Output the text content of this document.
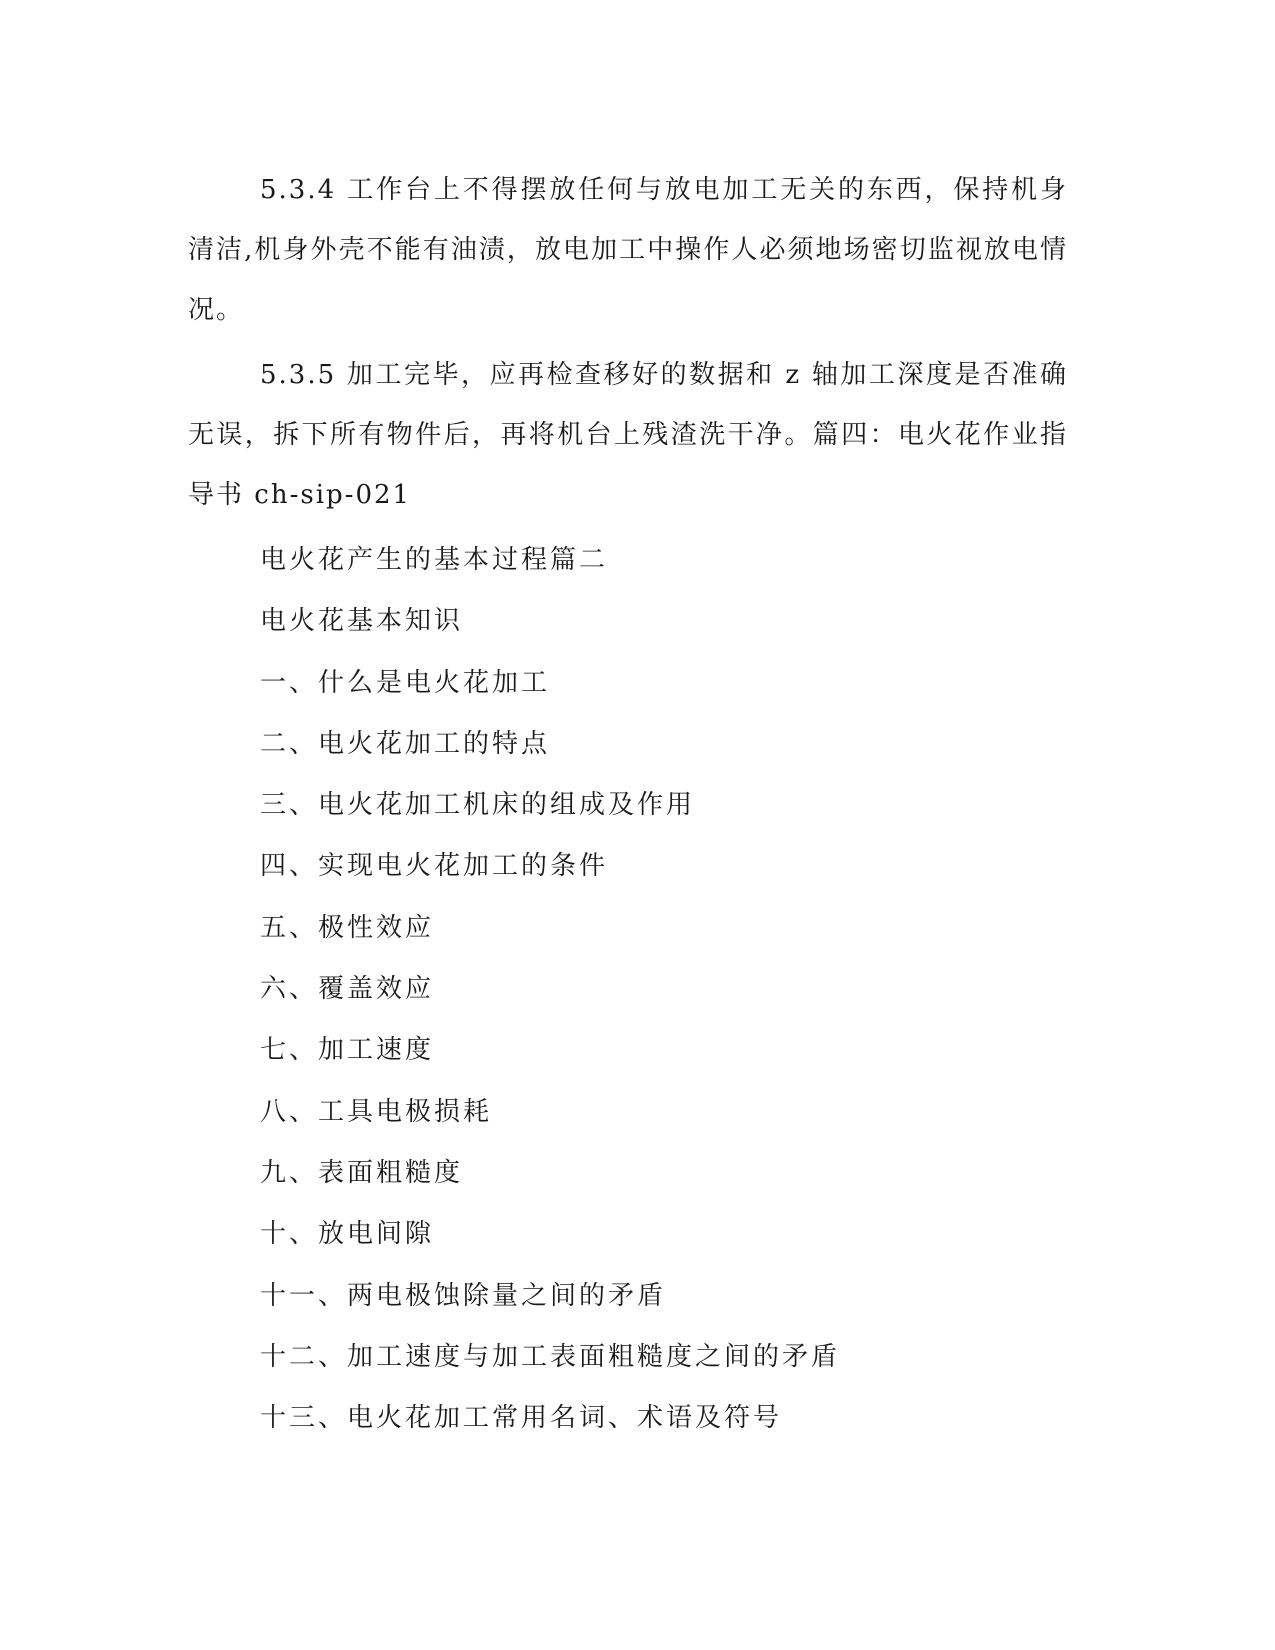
5.3.4 工作台上不得摆放任何与放电加工无关的东西，保持机身清洁,机身外壳不能有油渍，放电加工中操作人必须地场密切监视放电情况。

5.3.5 加工完毕，应再检查移好的数据和 z 轴加工深度是否准确无误，拆下所有物件后，再将机台上残渣洗干净。篇四：电火花作业指导书 ch-sip-021

电火花产生的基本过程篇二
电火花基本知识
一、什么是电火花加工
二、电火花加工的特点
三、电火花加工机床的组成及作用
四、实现电火花加工的条件
五、极性效应
六、覆盖效应
七、加工速度
八、工具电极损耗
九、表面粗糙度
十、放电间隙
十一、两电极蚀除量之间的矛盾
十二、加工速度与加工表面粗糙度之间的矛盾
十三、电火花加工常用名词、术语及符号
